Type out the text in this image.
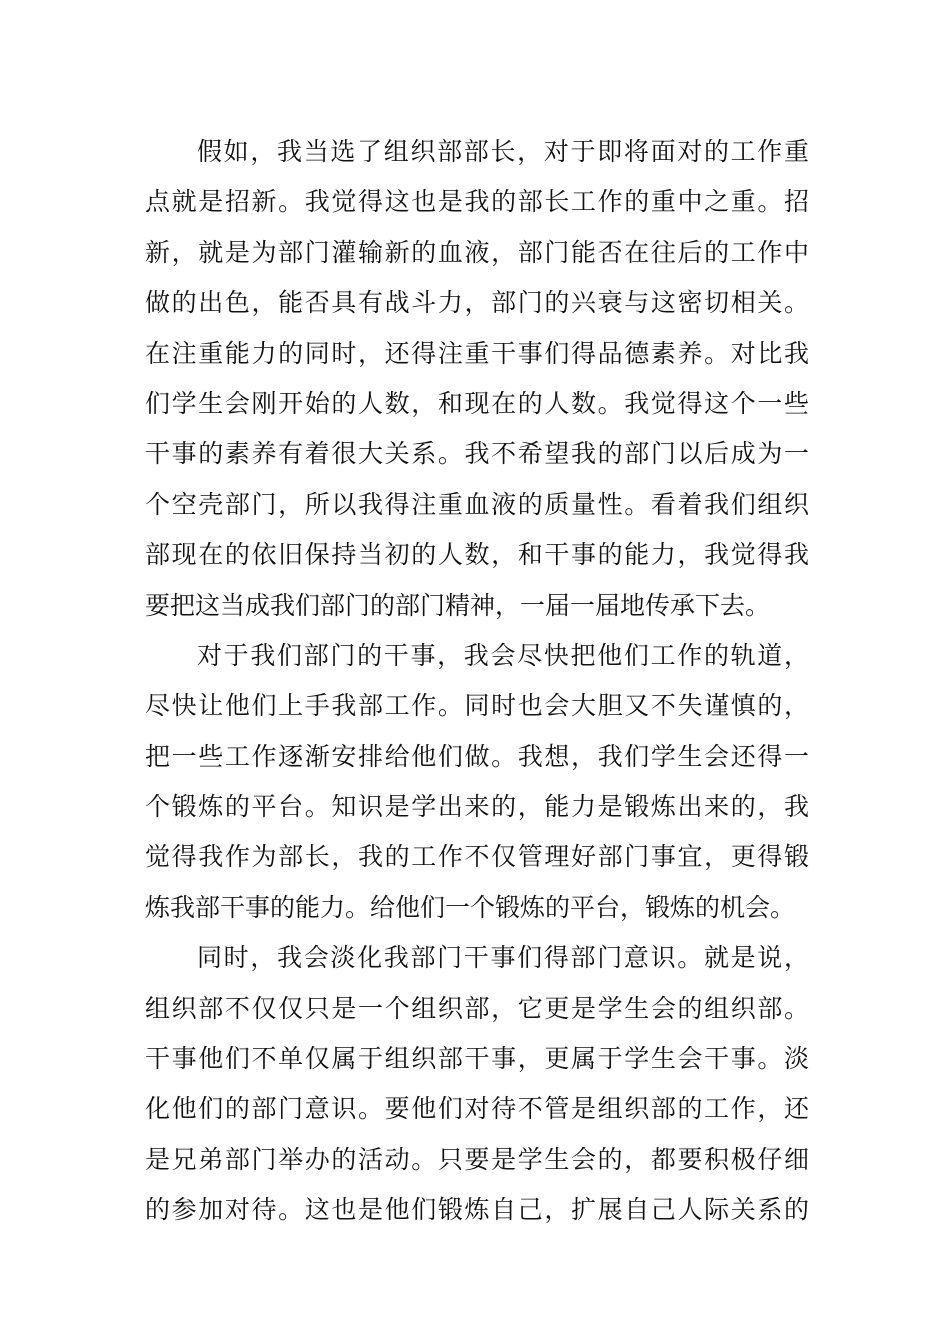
假如，我当选了组织部部长，对于即将面对的工作重
点就是招新。我觉得这也是我的部长工作的重中之重。招
新，就是为部门灌输新的血液，部门能否在往后的工作中
做的出色，能否具有战斗力，部门的兴衰与这密切相关。
在注重能力的同时，还得注重干事们得品德素养。对比我
们学生会刚开始的人数，和现在的人数。我觉得这个一些
干事的素养有着很大关系。我不希望我的部门以后成为一
个空壳部门，所以我得注重血液的质量性。看着我们组织
部现在的依旧保持当初的人数，和干事的能力，我觉得我
要把这当成我们部门的部门精神，一届一届地传承下去。
对于我们部门的干事，我会尽快把他们工作的轨道，
尽快让他们上手我部工作。同时也会大胆又不失谨慎的，
把一些工作逐渐安排给他们做。我想，我们学生会还得一
个锻炼的平台。知识是学出来的，能力是锻炼出来的，我
觉得我作为部长，我的工作不仅管理好部门事宜，更得锻
炼我部干事的能力。给他们一个锻炼的平台，锻炼的机会。
同时，我会淡化我部门干事们得部门意识。就是说，
组织部不仅仅只是一个组织部，它更是学生会的组织部。
干事他们不单仅属于组织部干事，更属于学生会干事。淡
化他们的部门意识。要他们对待不管是组织部的工作，还
是兄弟部门举办的活动。只要是学生会的，都要积极仔细
的参加对待。这也是他们锻炼自己，扩展自己人际关系的
